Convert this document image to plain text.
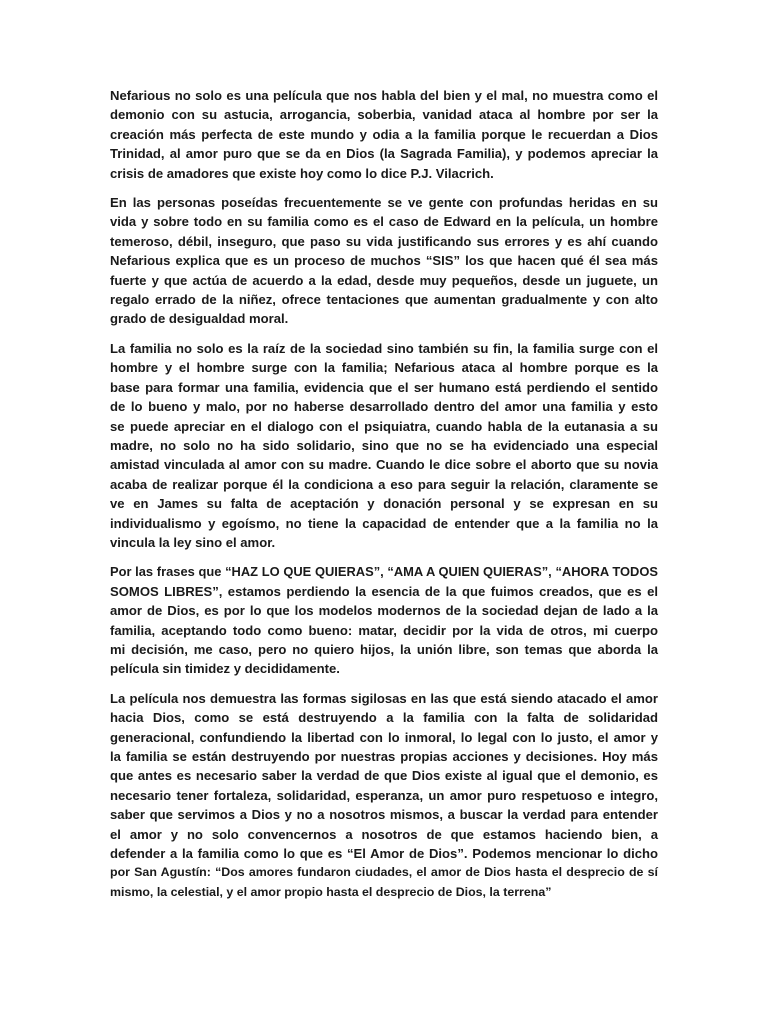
Nefarious no solo es una película que nos habla del bien y el mal, no muestra como el
demonio con su astucia, arrogancia, soberbia, vanidad ataca al hombre por ser la
creación más perfecta de este mundo y odia a la familia porque le recuerdan a Dios
Trinidad, al amor puro que se da en Dios (la Sagrada Familia), y podemos apreciar la
crisis de amadores que existe hoy como lo dice P.J. Vilacrich.

En las personas poseídas frecuentemente se ve gente con profundas heridas en su
vida y sobre todo en su familia como es el caso de Edward en la película, un hombre
temeroso, débil, inseguro, que paso su vida justificando sus errores y es ahí cuando
Nefarious explica que es un proceso de muchos “SIS” los que hacen qué él sea más
fuerte y que actúa de acuerdo a la edad, desde muy pequeños, desde un juguete, un
regalo errado de la niñez, ofrece tentaciones que aumentan gradualmente y con alto
grado de desigualdad moral.

La familia no solo es la raíz de la sociedad sino también su fin, la familia surge con el
hombre y el hombre surge con la familia; Nefarious ataca al hombre porque es la
base para formar una familia, evidencia que el ser humano está perdiendo el sentido
de lo bueno y malo, por no haberse desarrollado dentro del amor una familia y esto
se puede apreciar en el dialogo con el psiquiatra, cuando habla de la eutanasia a su
madre, no solo no ha sido solidario, sino que no se ha evidenciado una especial
amistad vinculada al amor con su madre. Cuando le dice sobre el aborto que su novia
acaba de realizar porque él la condiciona a eso para seguir la relación, claramente se
ve en James su falta de aceptación y donación personal y se expresan en su
individualismo y egoísmo, no tiene la capacidad de entender que a la familia no la
vincula la ley sino el amor.

Por las frases que “HAZ LO QUE QUIERAS”, “AMA A QUIEN QUIERAS”, “AHORA TODOS
SOMOS LIBRES”, estamos perdiendo la esencia de la que fuimos creados, que es el
amor de Dios, es por lo que los modelos modernos de la sociedad dejan de lado a la
familia, aceptando todo como bueno: matar, decidir por la vida de otros, mi cuerpo
mi decisión, me caso, pero no quiero hijos, la unión libre, son temas que aborda la
película sin timidez y decididamente.

La película nos demuestra las formas sigilosas en las que está siendo atacado el amor
hacia Dios, como se está destruyendo a la familia con la falta de solidaridad
generacional, confundiendo la libertad con lo inmoral, lo legal con lo justo, el amor y
la familia se están destruyendo por nuestras propias acciones y decisiones. Hoy más
que antes es necesario saber la verdad de que Dios existe al igual que el demonio, es
necesario tener fortaleza, solidaridad, esperanza, un amor puro respetuoso e integro,
saber que servimos a Dios y no a nosotros mismos, a buscar la verdad para entender
el amor y no solo convencernos a nosotros de que estamos haciendo bien, a
defender a la familia como lo que es “El Amor de Dios”. Podemos mencionar lo dicho
por San Agustín: “Dos amores fundaron ciudades, el amor de Dios hasta el desprecio de sí
mismo, la celestial, y el amor propio hasta el desprecio de Dios, la terrena”
